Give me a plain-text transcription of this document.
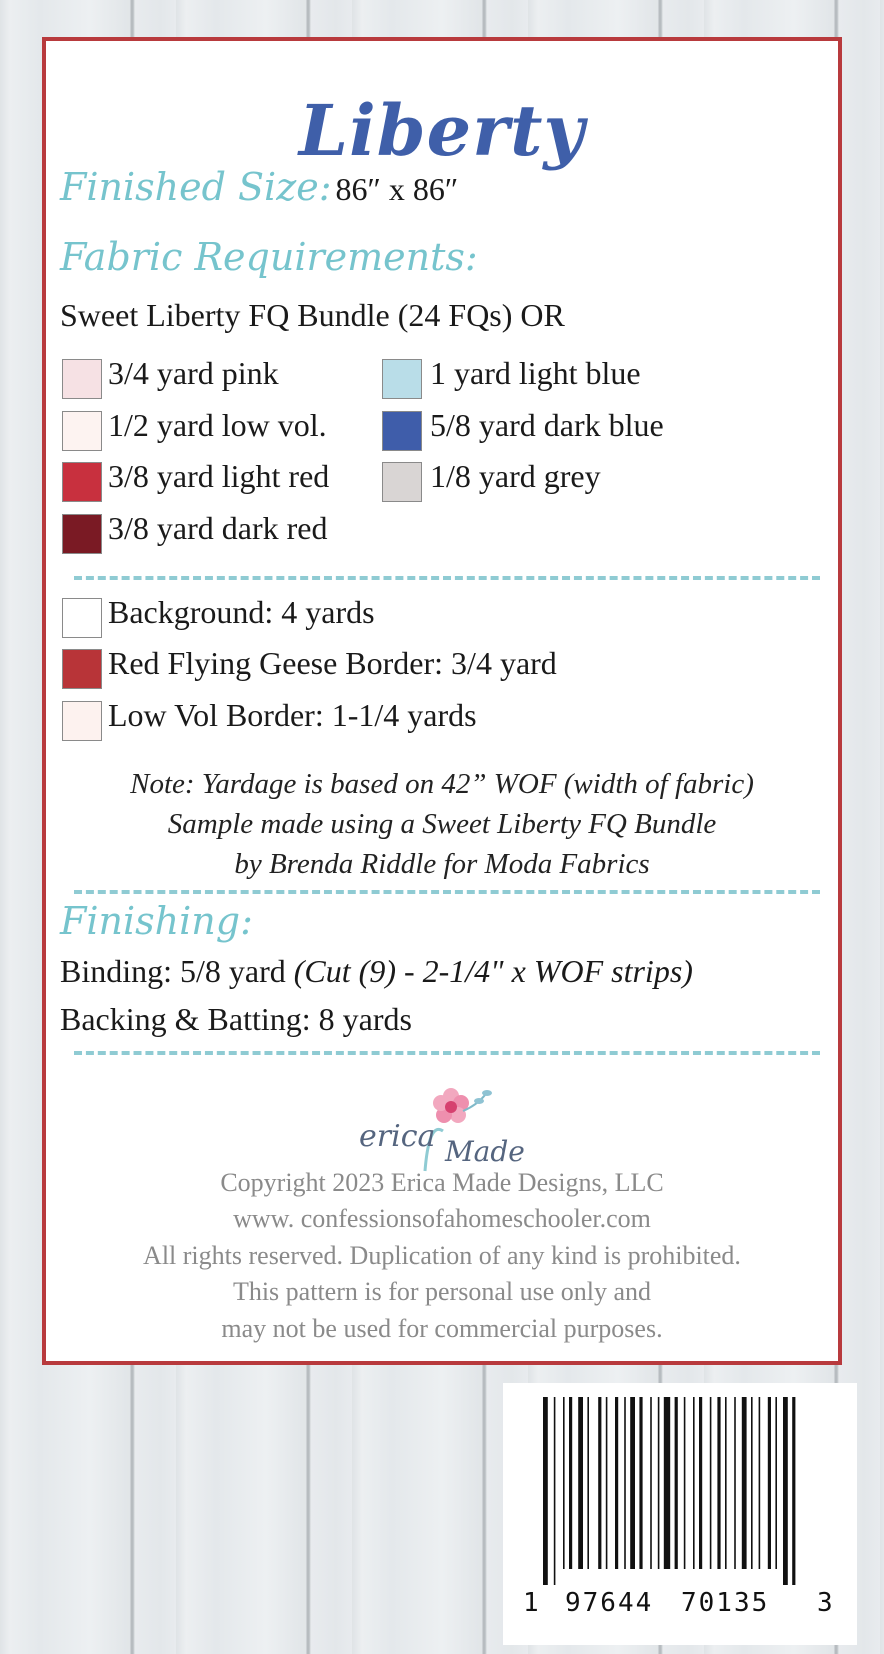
Liberty
Finished Size: 86″ x 86″
Fabric Requirements:
Sweet Liberty FQ Bundle (24 FQs) OR
3/4 yard pink
1/2 yard low vol.
3/8 yard light red
3/8 yard dark red
1 yard light blue
5/8 yard dark blue
1/8 yard grey
Background: 4 yards
Red Flying Geese Border: 3/4 yard
Low Vol Border: 1-1/4 yards
Note: Yardage is based on 42” WOF (width of fabric)
Sample made using a Sweet Liberty FQ Bundle
by Brenda Riddle for Moda Fabrics
Finishing:
Binding: 5/8 yard (Cut (9) - 2-1/4" x WOF strips)
Backing & Batting: 8 yards
erica Made
Copyright 2023 Erica Made Designs, LLC
www. confessionsofahomeschooler.com
All rights reserved. Duplication of any kind is prohibited.
This pattern is for personal use only and
may not be used for commercial purposes.
1 97644 70135 3
